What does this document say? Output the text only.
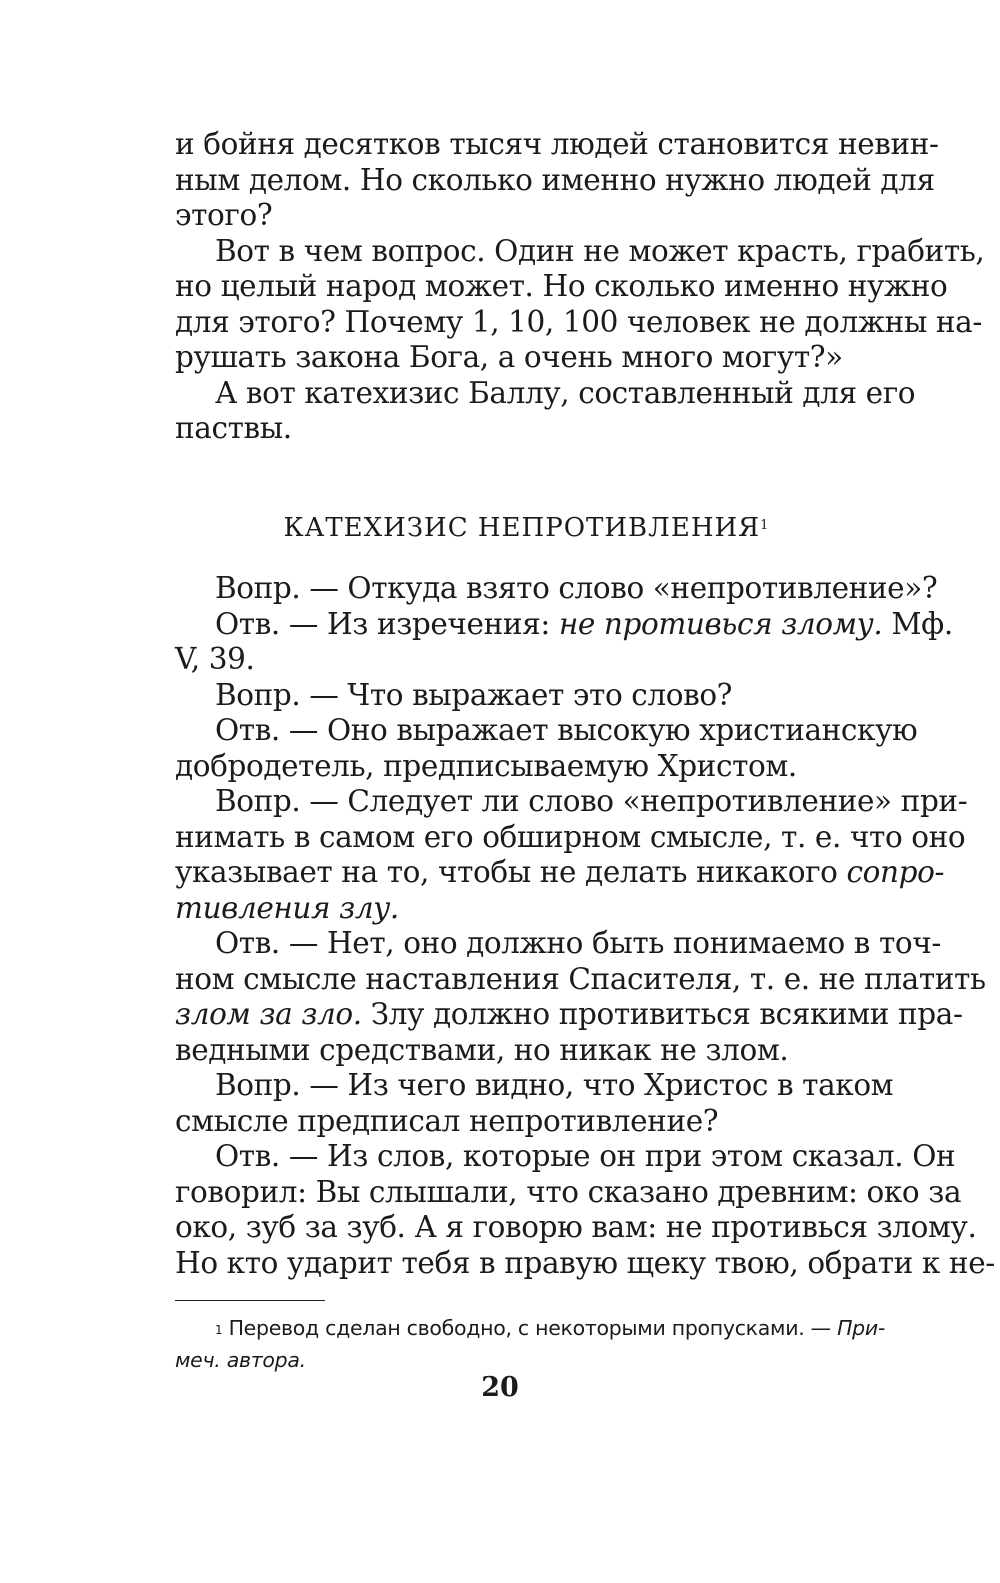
и бойня десятков тысяч людей становится невин-
ным делом. Но сколько именно нужно людей для
этого?
Вот в чем вопрос. Один не может красть, грабить,
но целый народ может. Но сколько именно нужно
для этого? Почему 1, 10, 100 человек не должны на-
рушать закона Бога, а очень много могут?»
А вот катехизис Баллу, составленный для его
паствы.
КАТЕХИЗИС НЕПРОТИВЛЕНИЯ$^1$
Вопр. — Откуда взято слово «непротивление»?
Отв. — Из изречения: не противься злому. Мф.
V, 39.
Вопр. — Что выражает это слово?
Отв. — Оно выражает высокую христианскую
добродетель, предписываемую Христом.
Вопр. — Следует ли слово «непротивление» при-
нимать в самом его обширном смысле, т. е. что оно
указывает на то, чтобы не делать никакого сопро-
тивления злу.
Отв. — Нет, оно должно быть понимаемо в точ-
ном смысле наставления Спасителя, т. е. не платить
злом за зло. Злу должно противиться всякими пра-
ведными средствами, но никак не злом.
Вопр. — Из чего видно, что Христос в таком
смысле предписал непротивление?
Отв. — Из слов, которые он при этом сказал. Он
говорил: Вы слышали, что сказано древним: око за
око, зуб за зуб. А я говорю вам: не противься злому.
Но кто ударит тебя в правую щеку твою, обрати к не-
$^1$ Перевод сделан свободно, с некоторыми пропусками. — При-
меч. автора.
20
